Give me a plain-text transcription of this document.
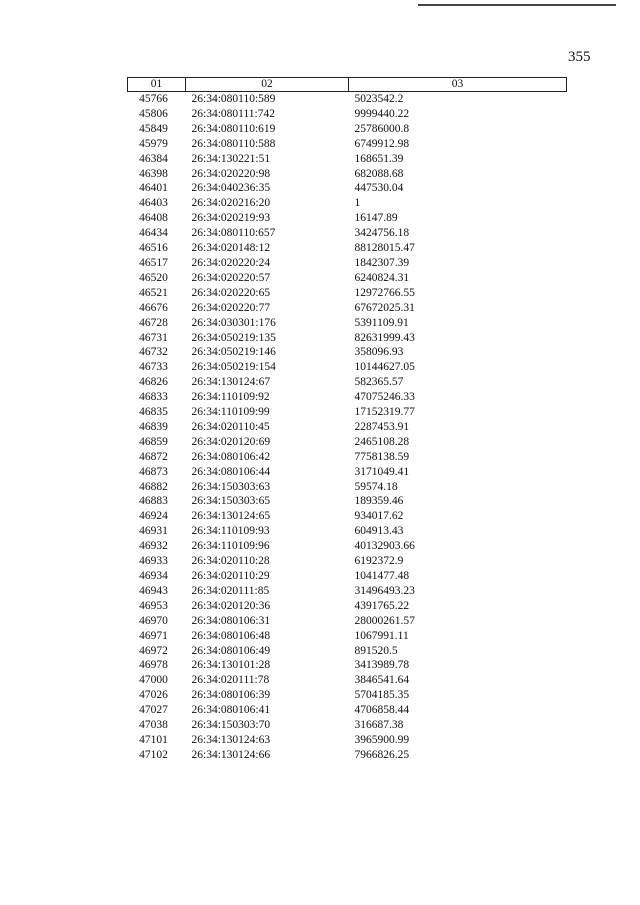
355
01	02	03
45766	26:34:080110:589	5023542.2
45806	26:34:080111:742	9999440.22
45849	26:34:080110:619	25786000.8
45979	26:34:080110:588	6749912.98
46384	26:34:130221:51	168651.39
46398	26:34:020220:98	682088.68
46401	26:34:040236:35	447530.04
46403	26:34:020216:20	1
46408	26:34:020219:93	16147.89
46434	26:34:080110:657	3424756.18
46516	26:34:020148:12	88128015.47
46517	26:34:020220:24	1842307.39
46520	26:34:020220:57	6240824.31
46521	26:34:020220:65	12972766.55
46676	26:34:020220:77	67672025.31
46728	26:34:030301:176	5391109.91
46731	26:34:050219:135	82631999.43
46732	26:34:050219:146	358096.93
46733	26:34:050219:154	10144627.05
46826	26:34:130124:67	582365.57
46833	26:34:110109:92	47075246.33
46835	26:34:110109:99	17152319.77
46839	26:34:020110:45	2287453.91
46859	26:34:020120:69	2465108.28
46872	26:34:080106:42	7758138.59
46873	26:34:080106:44	3171049.41
46882	26:34:150303:63	59574.18
46883	26:34:150303:65	189359.46
46924	26:34:130124:65	934017.62
46931	26:34:110109:93	604913.43
46932	26:34:110109:96	40132903.66
46933	26:34:020110:28	6192372.9
46934	26:34:020110:29	1041477.48
46943	26:34:020111:85	31496493.23
46953	26:34:020120:36	4391765.22
46970	26:34:080106:31	28000261.57
46971	26:34:080106:48	1067991.11
46972	26:34:080106:49	891520.5
46978	26:34:130101:28	3413989.78
47000	26:34:020111:78	3846541.64
47026	26:34:080106:39	5704185.35
47027	26:34:080106:41	4706858.44
47038	26:34:150303:70	316687.38
47101	26:34:130124:63	3965900.99
47102	26:34:130124:66	7966826.25
